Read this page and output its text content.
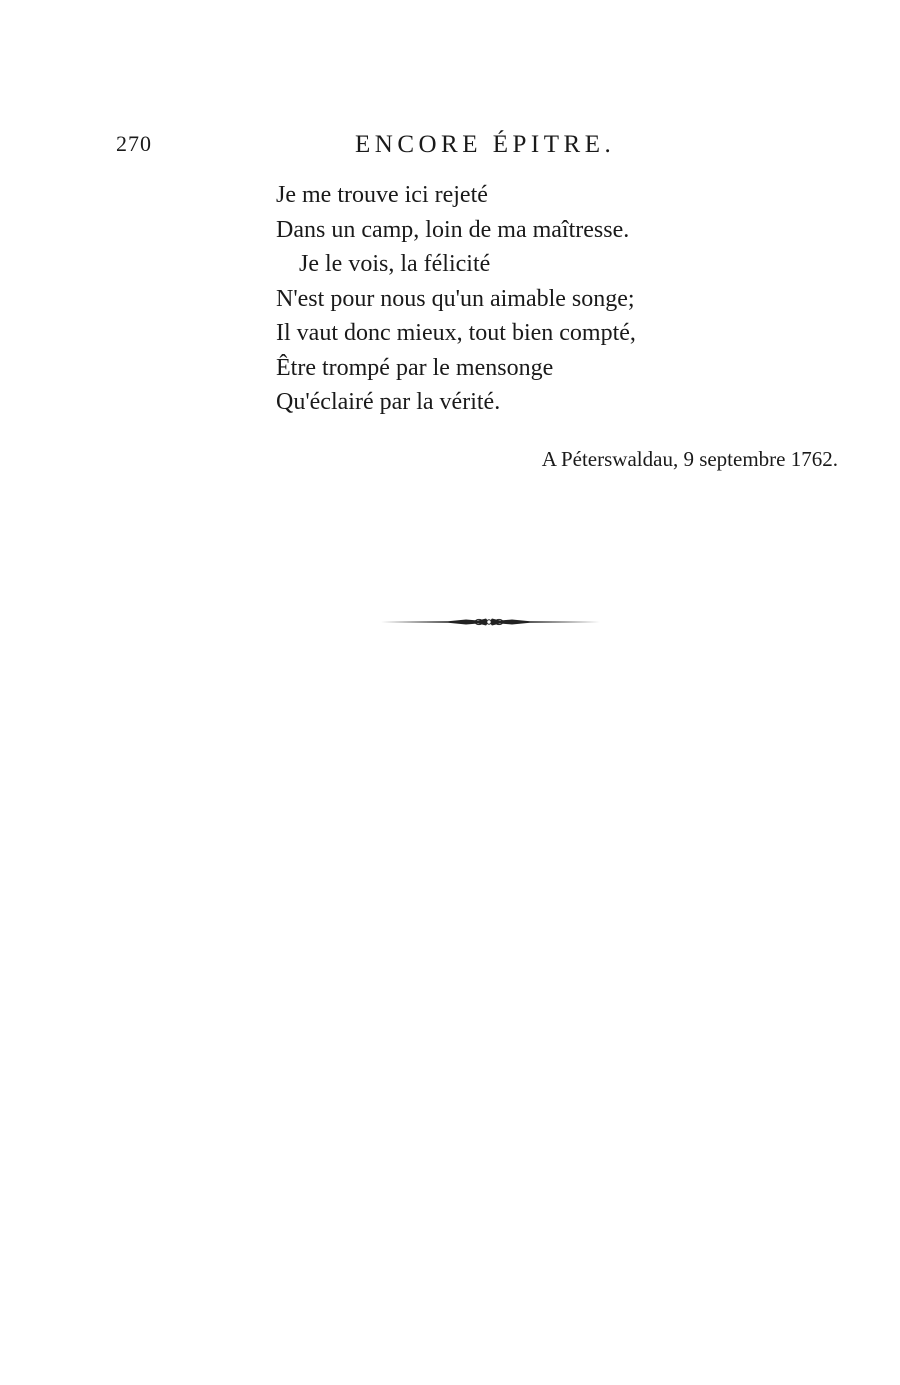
270	ENCORE ÉPITRE.
Je me trouve ici rejeté
Dans un camp, loin de ma maîtresse.
Je le vois, la félicité
N'est pour nous qu'un aimable songe;
Il vaut donc mieux, tout bien compté,
Être trompé par le mensonge
Qu'éclairé par la vérité.
A Péterswaldau, 9 septembre 1762.
